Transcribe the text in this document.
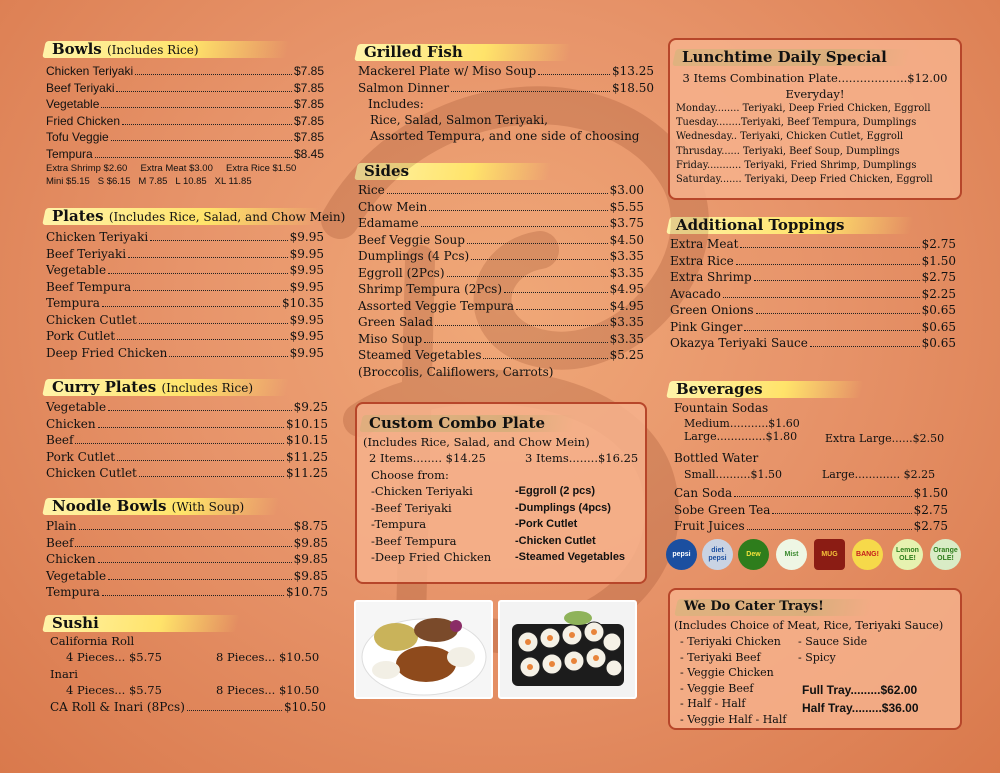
Bowls (Includes Rice)
Chicken Teriyaki	$7.85
Beef Teriyaki	$7.85
Vegetable	$7.85
Fried Chicken	$7.85
Tofu Veggie	$7.85
Tempura	$8.45
Extra Shrimp $2.60     Extra Meat $3.00     Extra Rice $1.50
Mini $5.15   S $6.15   M 7.85   L 10.85   XL 11.85
Plates (Includes Rice, Salad, and Chow Mein)
Chicken Teriyaki	$9.95
Beef Teriyaki	$9.95
Vegetable	$9.95
Beef Tempura	$9.95
Tempura	$10.35
Chicken Cutlet	$9.95
Pork Cutlet	$9.95
Deep Fried Chicken	$9.95
Curry Plates (Includes Rice)
Vegetable	$9.25
Chicken	$10.15
Beef	$10.15
Pork Cutlet	$11.25
Chicken Cutlet	$11.25
Noodle Bowls (With Soup)
Plain	$8.75
Beef	$9.85
Chicken	$9.85
Vegetable	$9.85
Tempura	$10.75
Sushi
California Roll
4 Pieces... $5.75	8 Pieces... $10.50
Inari
4 Pieces... $5.75	8 Pieces... $10.50
CA Roll & Inari (8Pcs)	$10.50
Grilled Fish
Mackerel Plate w/ Miso Soup	$13.25
Salmon Dinner	$18.50
Includes:
Rice, Salad, Salmon Teriyaki,
Assorted Tempura, and one side of choosing
Sides
Rice	$3.00
Chow Mein	$5.55
Edamame	$3.75
Beef Veggie Soup	$4.50
Dumplings (4 Pcs)	$3.35
Eggroll (2Pcs)	$3.35
Shrimp Tempura (2Pcs)	$4.95
Assorted Veggie Tempura	$4.95
Green Salad	$3.35
Miso Soup	$3.35
Steamed Vegetables	$5.25
(Broccolis, Califlowers, Carrots)
Custom Combo Plate
(Includes Rice, Salad, and Chow Mein)
2 Items........ $14.25	3 Items........$16.25
Choose from:
-Chicken Teriyaki
-Beef Teriyaki
-Tempura
-Beef Tempura
-Deep Fried Chicken
-Eggroll (2 pcs)
-Dumplings (4pcs)
-Pork Cutlet
-Chicken Cutlet
-Steamed Vegetables
Lunchtime Daily Special
3 Items Combination Plate...................$12.00
Everyday!
Monday........ Teriyaki, Deep Fried Chicken, Eggroll
Tuesday........Teriyaki, Beef Tempura, Dumplings
Wednesday.. Teriyaki, Chicken Cutlet, Eggroll
Thrusday...... Teriyaki, Beef Soup, Dumplings
Friday........... Teriyaki, Fried Shrimp, Dumplings
Saturday....... Teriyaki, Deep Fried Chicken, Eggroll
Additional Toppings
Extra Meat	$2.75
Extra Rice	$1.50
Extra Shrimp	$2.75
Avacado	$2.25
Green Onions	$0.65
Pink Ginger	$0.65
Okazya Teriyaki Sauce	$0.65
Beverages
Fountain Sodas
Medium...........$1.60
Large..............$1.80	Extra Large......$2.50
Bottled Water
Small..........$1.50	Large............. $2.25
Can Soda	$1.50
Sobe Green Tea	$2.75
Fruit Juices	$2.75
pepsi
diet pepsi
Dew	Mist	MUG	BANG!
Lemon OLE!
Orange OLE!
We Do Cater Trays!
(Includes Choice of Meat, Rice, Teriyaki Sauce)
- Teriyaki Chicken
- Teriyaki Beef
- Veggie Chicken
- Veggie Beef
- Half - Half
- Veggie Half - Half
- Sauce Side
- Spicy
Full Tray.........$62.00
Half Tray.........$36.00
